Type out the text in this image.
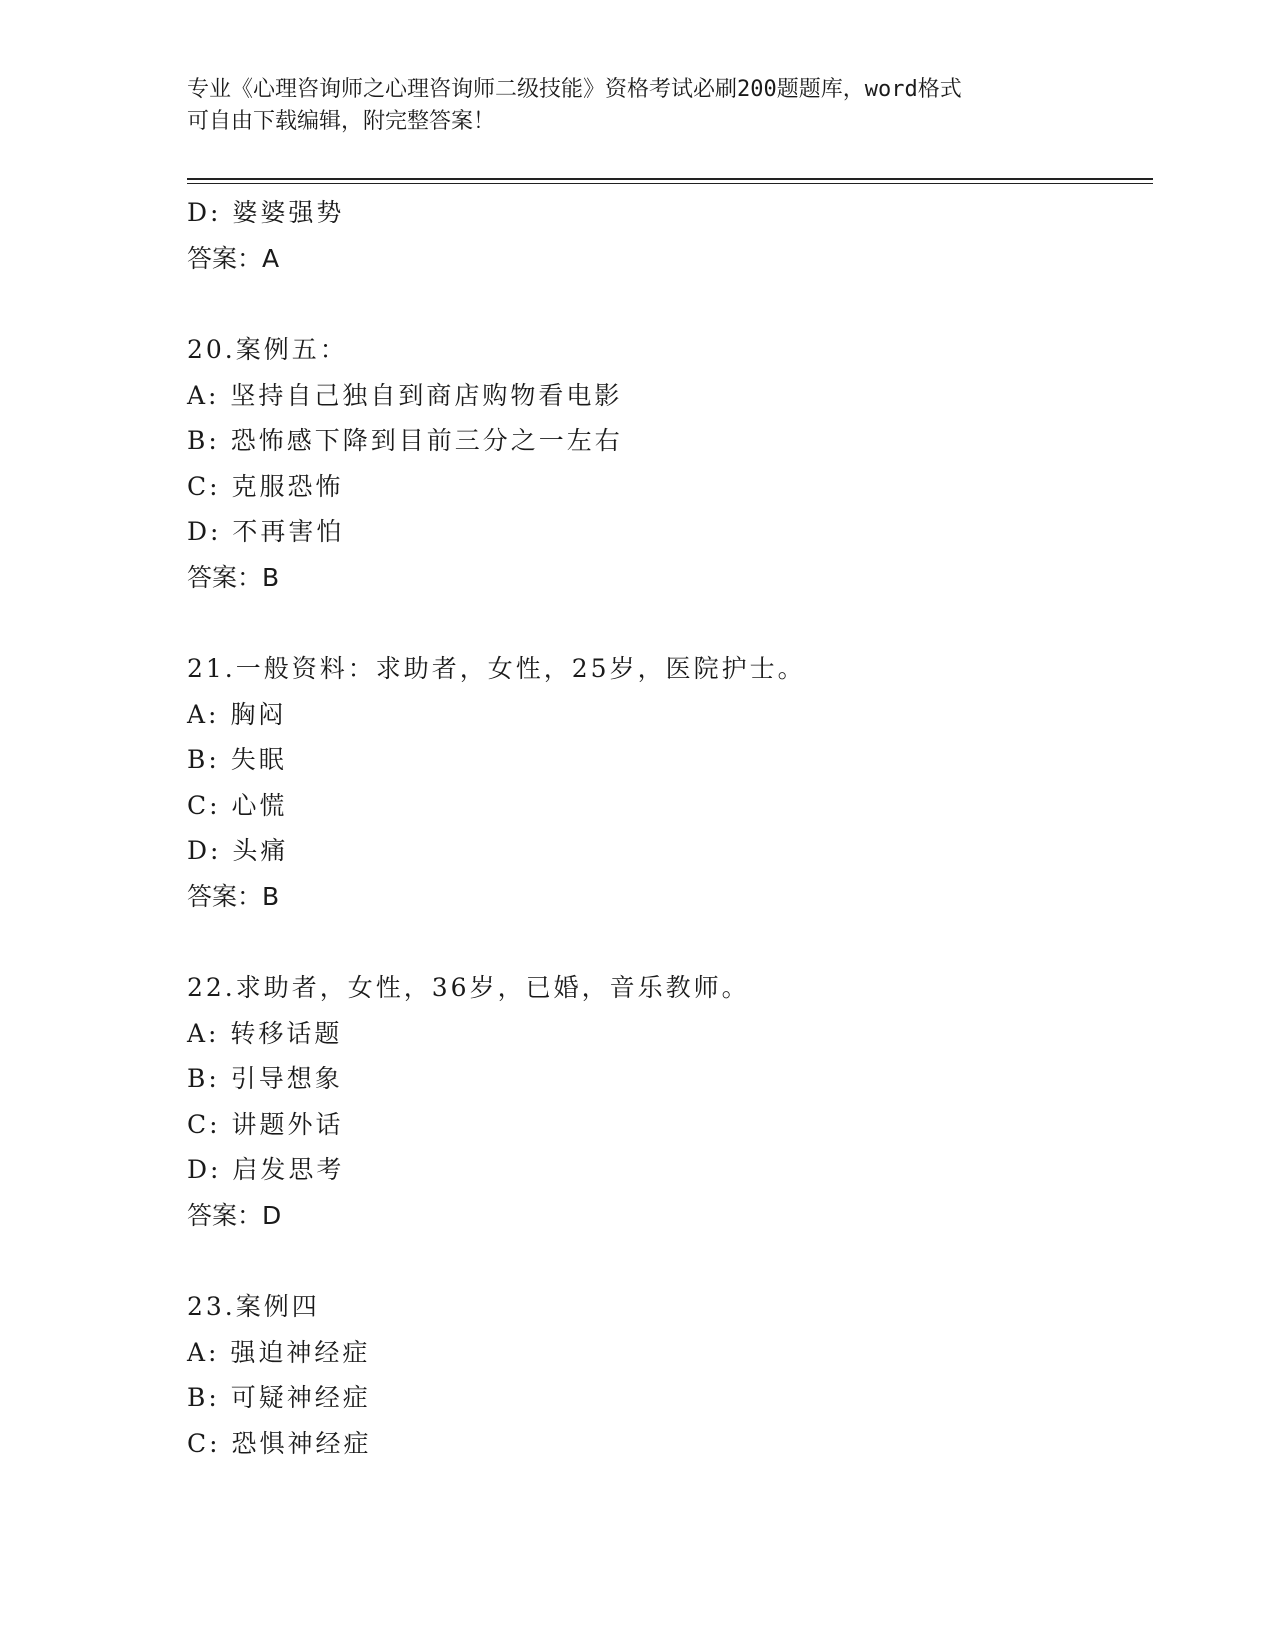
专业《心理咨询师之心理咨询师二级技能》资格考试必刷200题题库，word格式
可自由下载编辑，附完整答案！
D: 婆婆强势
答案：A
20.案例五：
A: 坚持自己独自到商店购物看电影
B: 恐怖感下降到目前三分之一左右
C: 克服恐怖
D: 不再害怕
答案：B
21.一般资料：求助者，女性，25岁，医院护士。
A: 胸闷
B: 失眠
C: 心慌
D: 头痛
答案：B
22.求助者，女性，36岁，已婚，音乐教师。
A: 转移话题
B: 引导想象
C: 讲题外话
D: 启发思考
答案：D
23.案例四
A: 强迫神经症
B: 可疑神经症
C: 恐惧神经症
